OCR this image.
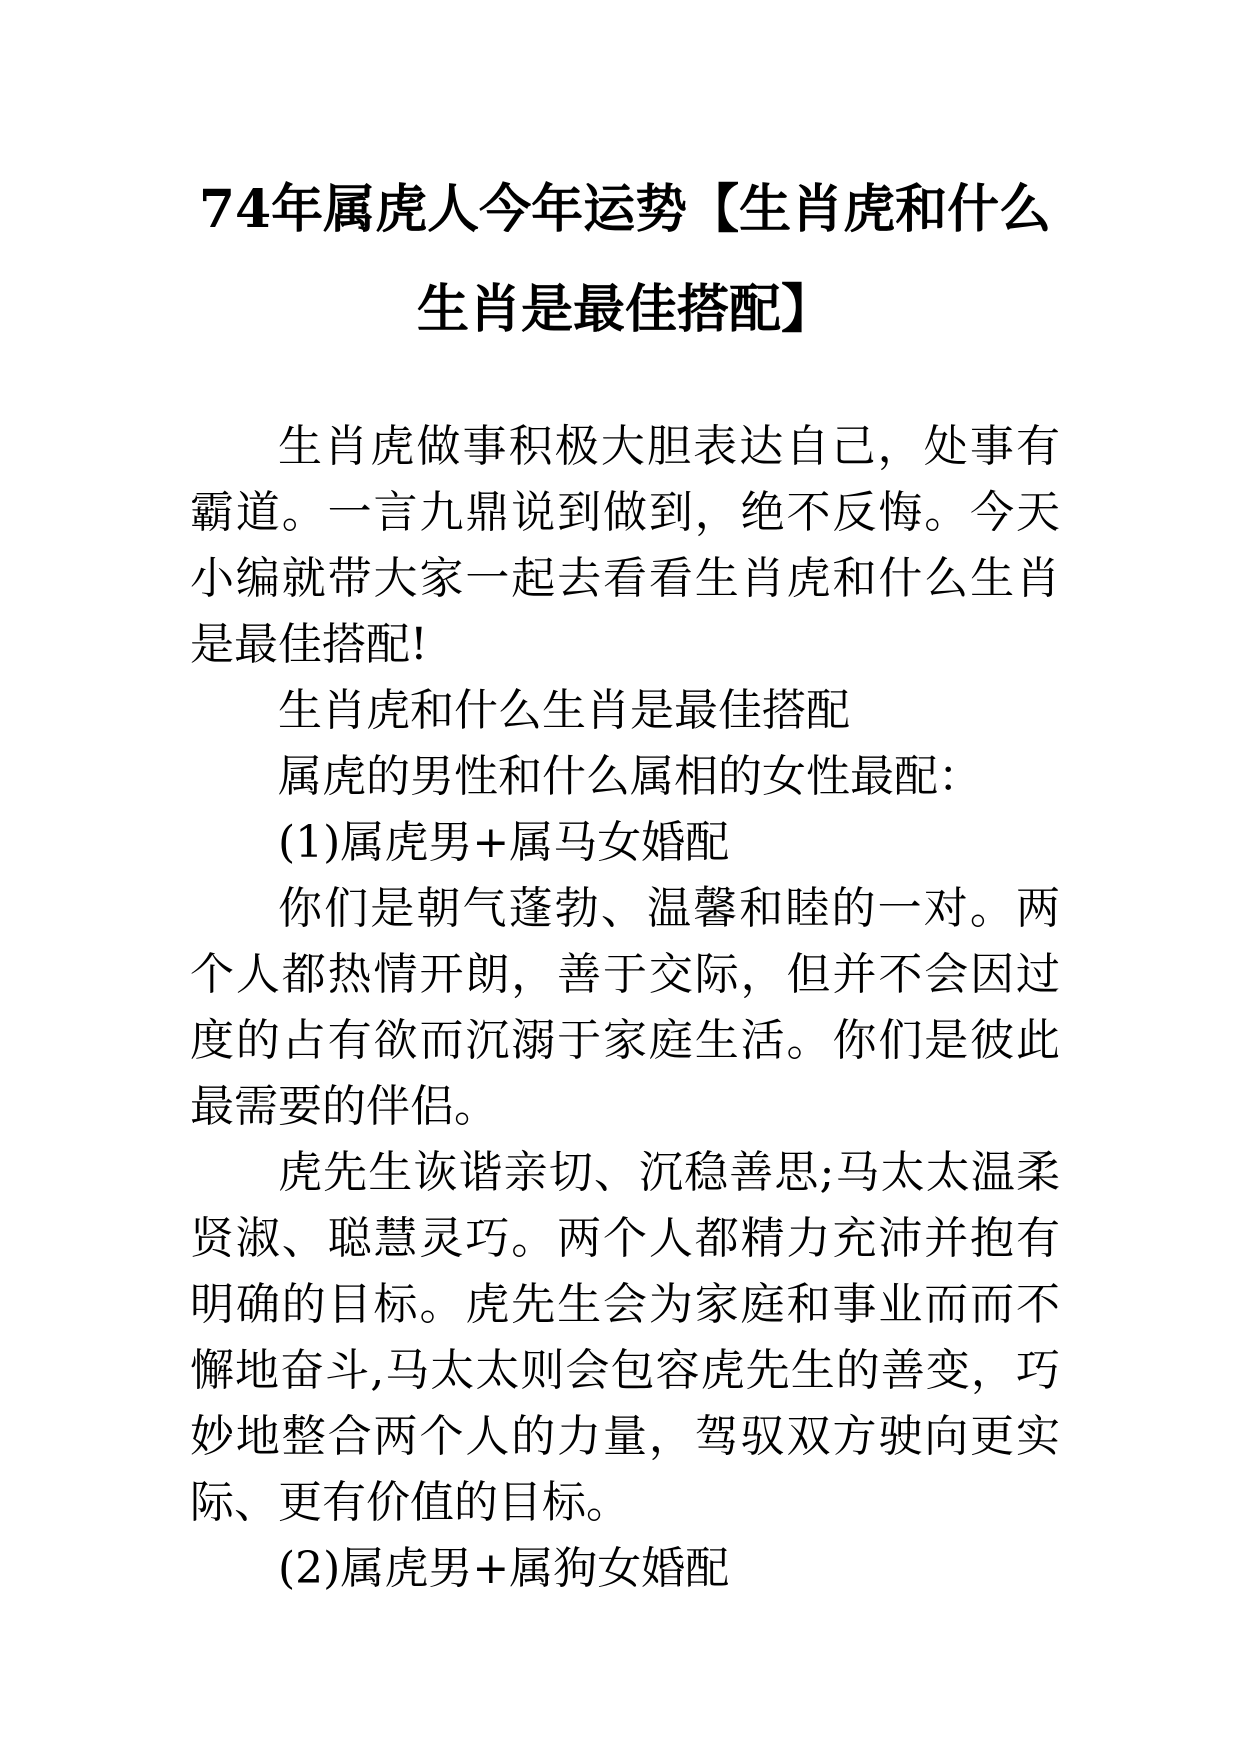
74年属虎人今年运势【生肖虎和什么生肖是最佳搭配】

生肖虎做事积极大胆表达自己，处事有霸道。一言九鼎说到做到，绝不反悔。今天小编就带大家一起去看看生肖虎和什么生肖是最佳搭配!

生肖虎和什么生肖是最佳搭配

属虎的男性和什么属相的女性最配：

(1)属虎男+属马女婚配

你们是朝气蓬勃、温馨和睦的一对。两个人都热情开朗，善于交际，但并不会因过度的占有欲而沉溺于家庭生活。你们是彼此最需要的伴侣。

虎先生诙谐亲切、沉稳善思;马太太温柔贤淑、聪慧灵巧。两个人都精力充沛并抱有明确的目标。虎先生会为家庭和事业而而不懈地奋斗,马太太则会包容虎先生的善变，巧妙地整合两个人的力量，驾驭双方驶向更实际、更有价值的目标。

(2)属虎男+属狗女婚配
